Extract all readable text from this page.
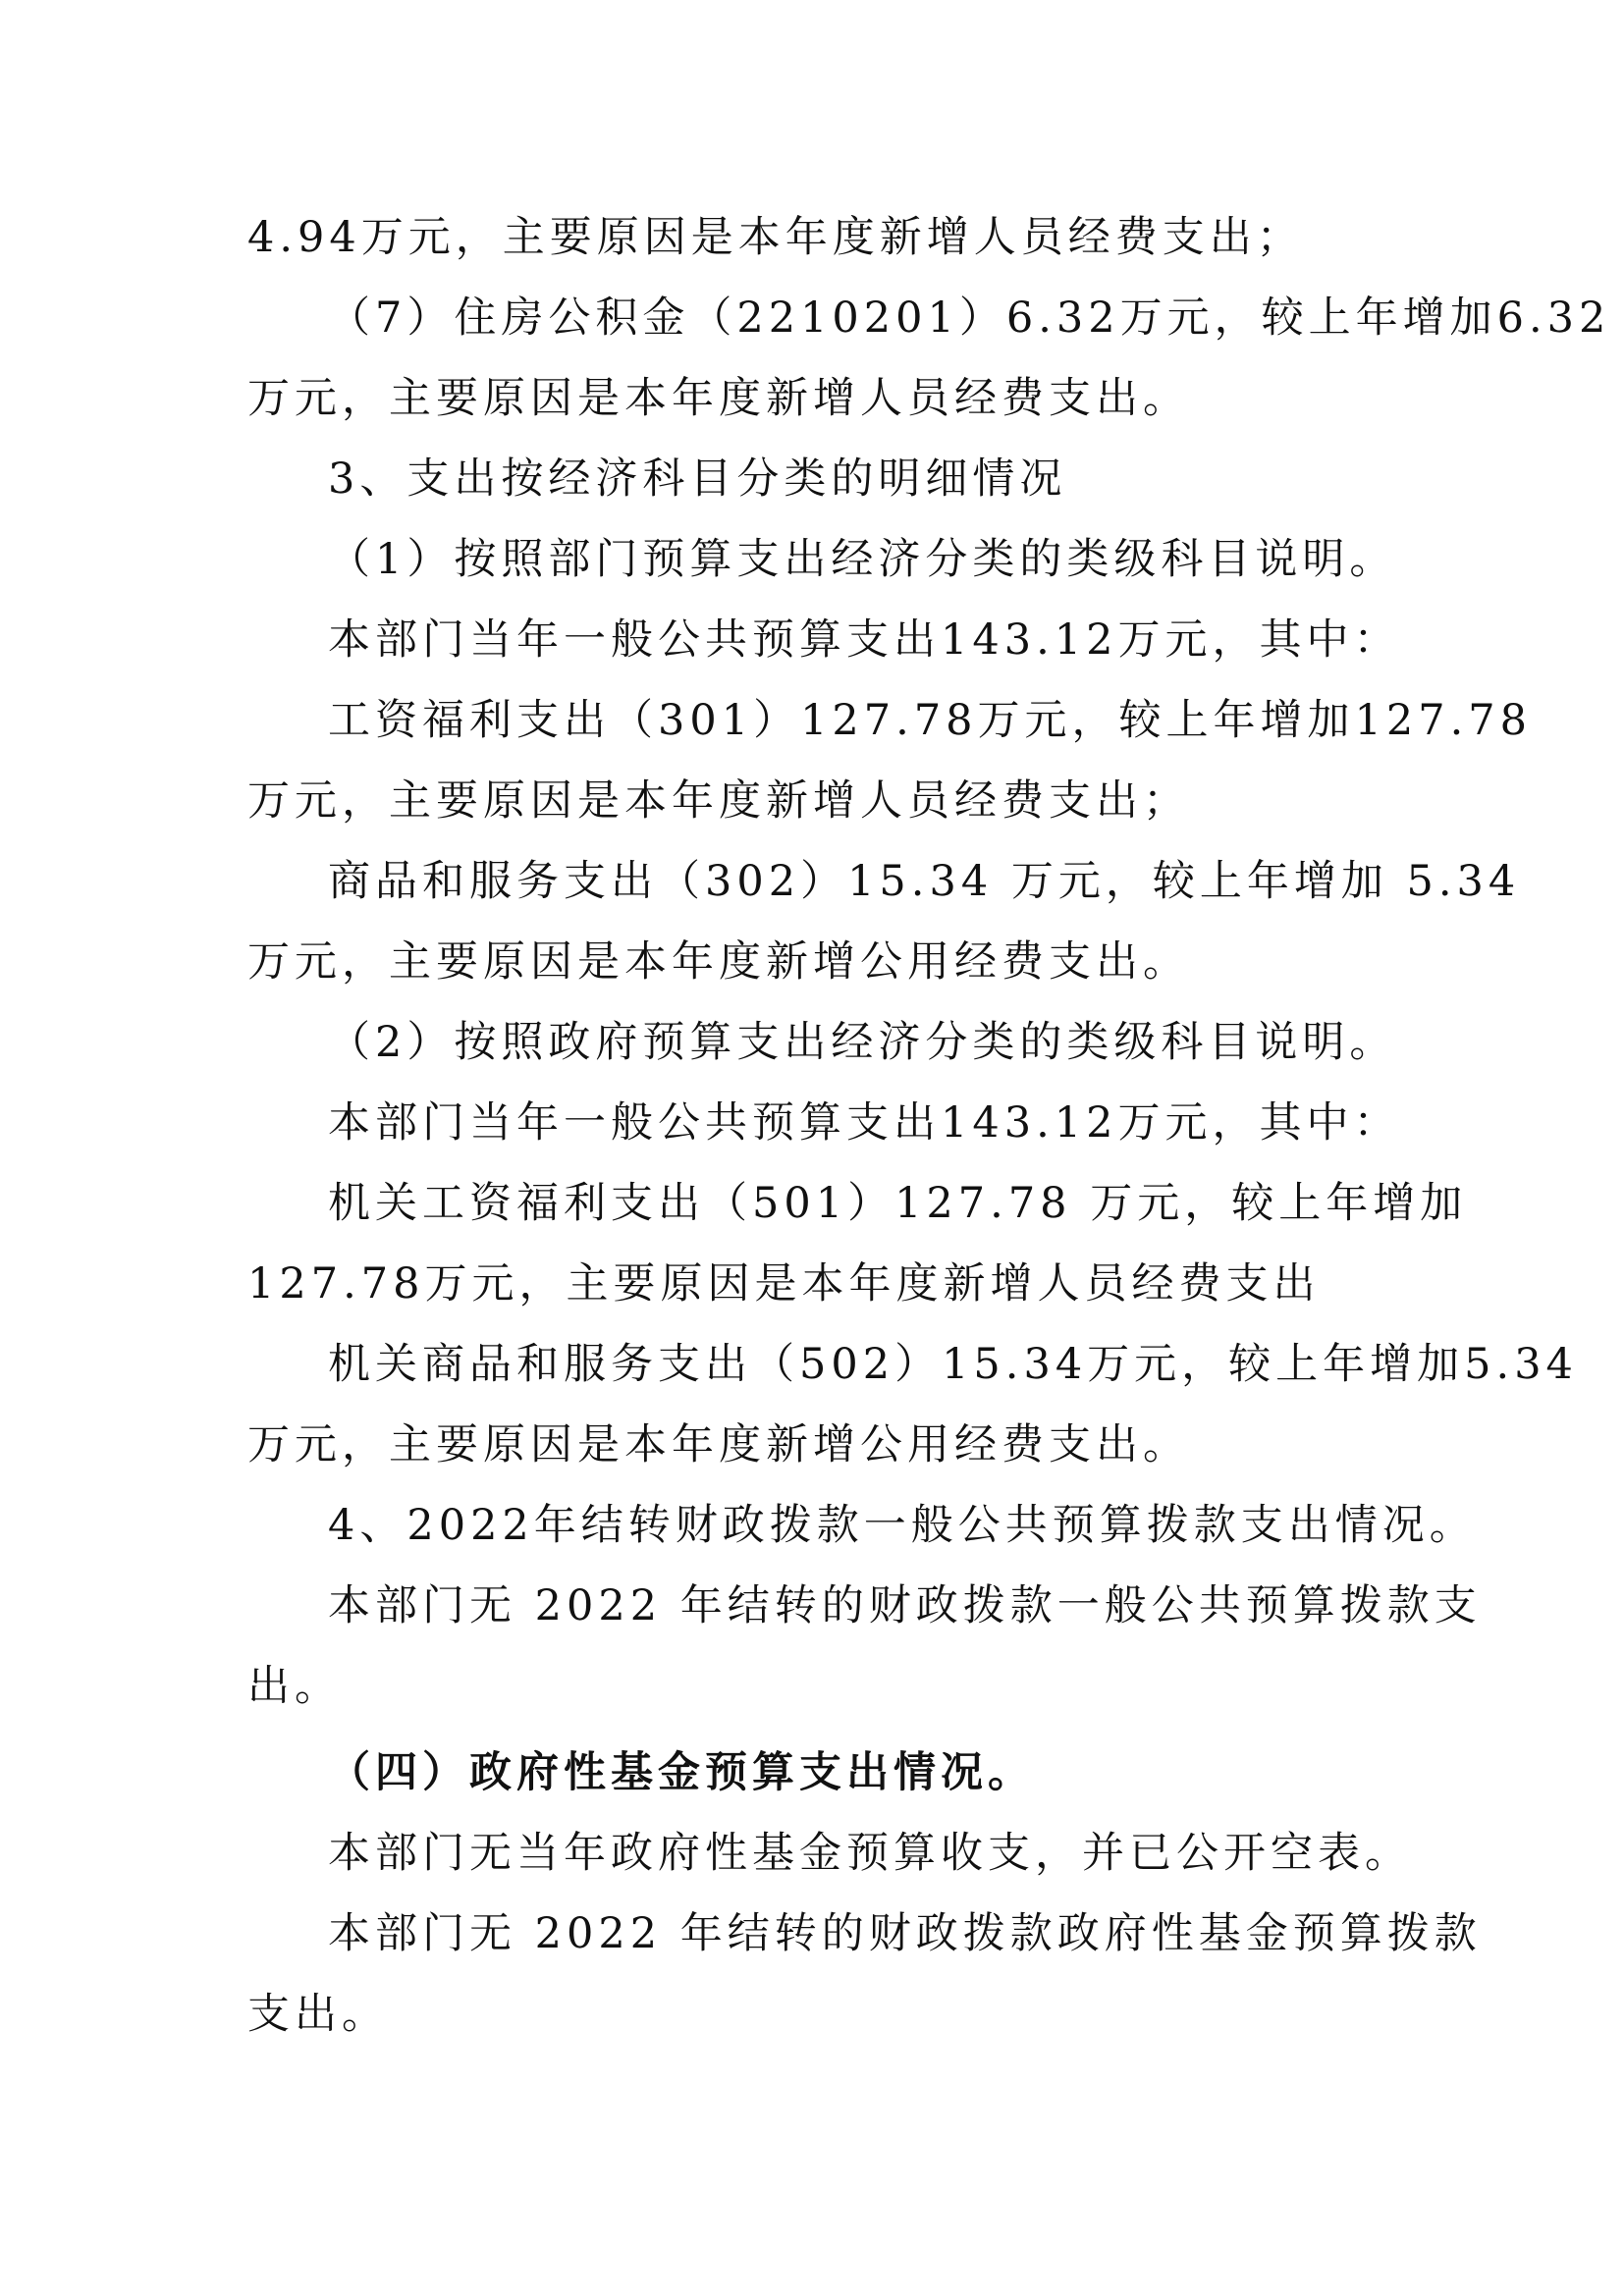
4.94万元，主要原因是本年度新增人员经费支出；
（7）住房公积金（2210201）6.32万元，较上年增加6.32
万元，主要原因是本年度新增人员经费支出。
3、支出按经济科目分类的明细情况
（1）按照部门预算支出经济分类的类级科目说明。
本部门当年一般公共预算支出143.12万元，其中：
工资福利支出（301）127.78万元，较上年增加127.78
万元，主要原因是本年度新增人员经费支出；
商品和服务支出（302）15.34 万元，较上年增加 5.34
万元，主要原因是本年度新增公用经费支出。
（2）按照政府预算支出经济分类的类级科目说明。
本部门当年一般公共预算支出143.12万元，其中：
机关工资福利支出（501）127.78 万元，较上年增加
127.78万元，主要原因是本年度新增人员经费支出
机关商品和服务支出（502）15.34万元，较上年增加5.34
万元，主要原因是本年度新增公用经费支出。
4、2022年结转财政拨款一般公共预算拨款支出情况。
本部门无 2022 年结转的财政拨款一般公共预算拨款支
出。
（四）政府性基金预算支出情况。
本部门无当年政府性基金预算收支，并已公开空表。
本部门无 2022 年结转的财政拨款政府性基金预算拨款
支出。
